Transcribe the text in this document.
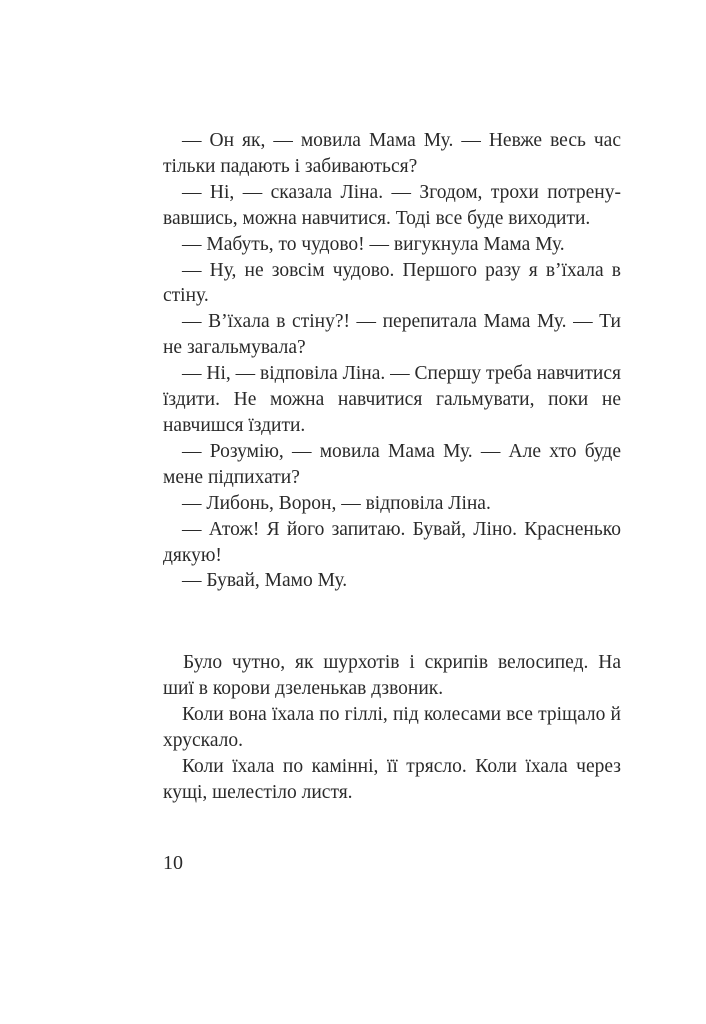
— Он як, — мовила Мама Му. — Невже весь час тільки падають і забиваються?

— Ні, — сказала Ліна. — Згодом, трохи потренувавшись, можна навчитися. Тоді все буде виходити.

— Мабуть, то чудово! — вигукнула Мама Му.

— Ну, не зовсім чудово. Першого разу я в’їхала в стіну.

— В’їхала в стіну?! — перепитала Мама Му. — Ти не загальмувала?

— Ні, — відповіла Ліна. — Спершу треба навчитися їздити. Не можна навчитися гальмувати, поки не навчишся їздити.

— Розумію, — мовила Мама Му. — Але хто буде мене підпихати?

— Либонь, Ворон, — відповіла Ліна.

— Атож! Я його запитаю. Бувай, Ліно. Красненько дякую!

— Бувай, Мамо Му.

Було чутно, як шурхотів і скрипів велосипед. На шиї в корови дзеленькав дзвоник.

Коли вона їхала по гіллі, під колесами все тріщало й хрускало.

Коли їхала по камінні, її трясло. Коли їхала через кущі, шелестіло листя.

10
